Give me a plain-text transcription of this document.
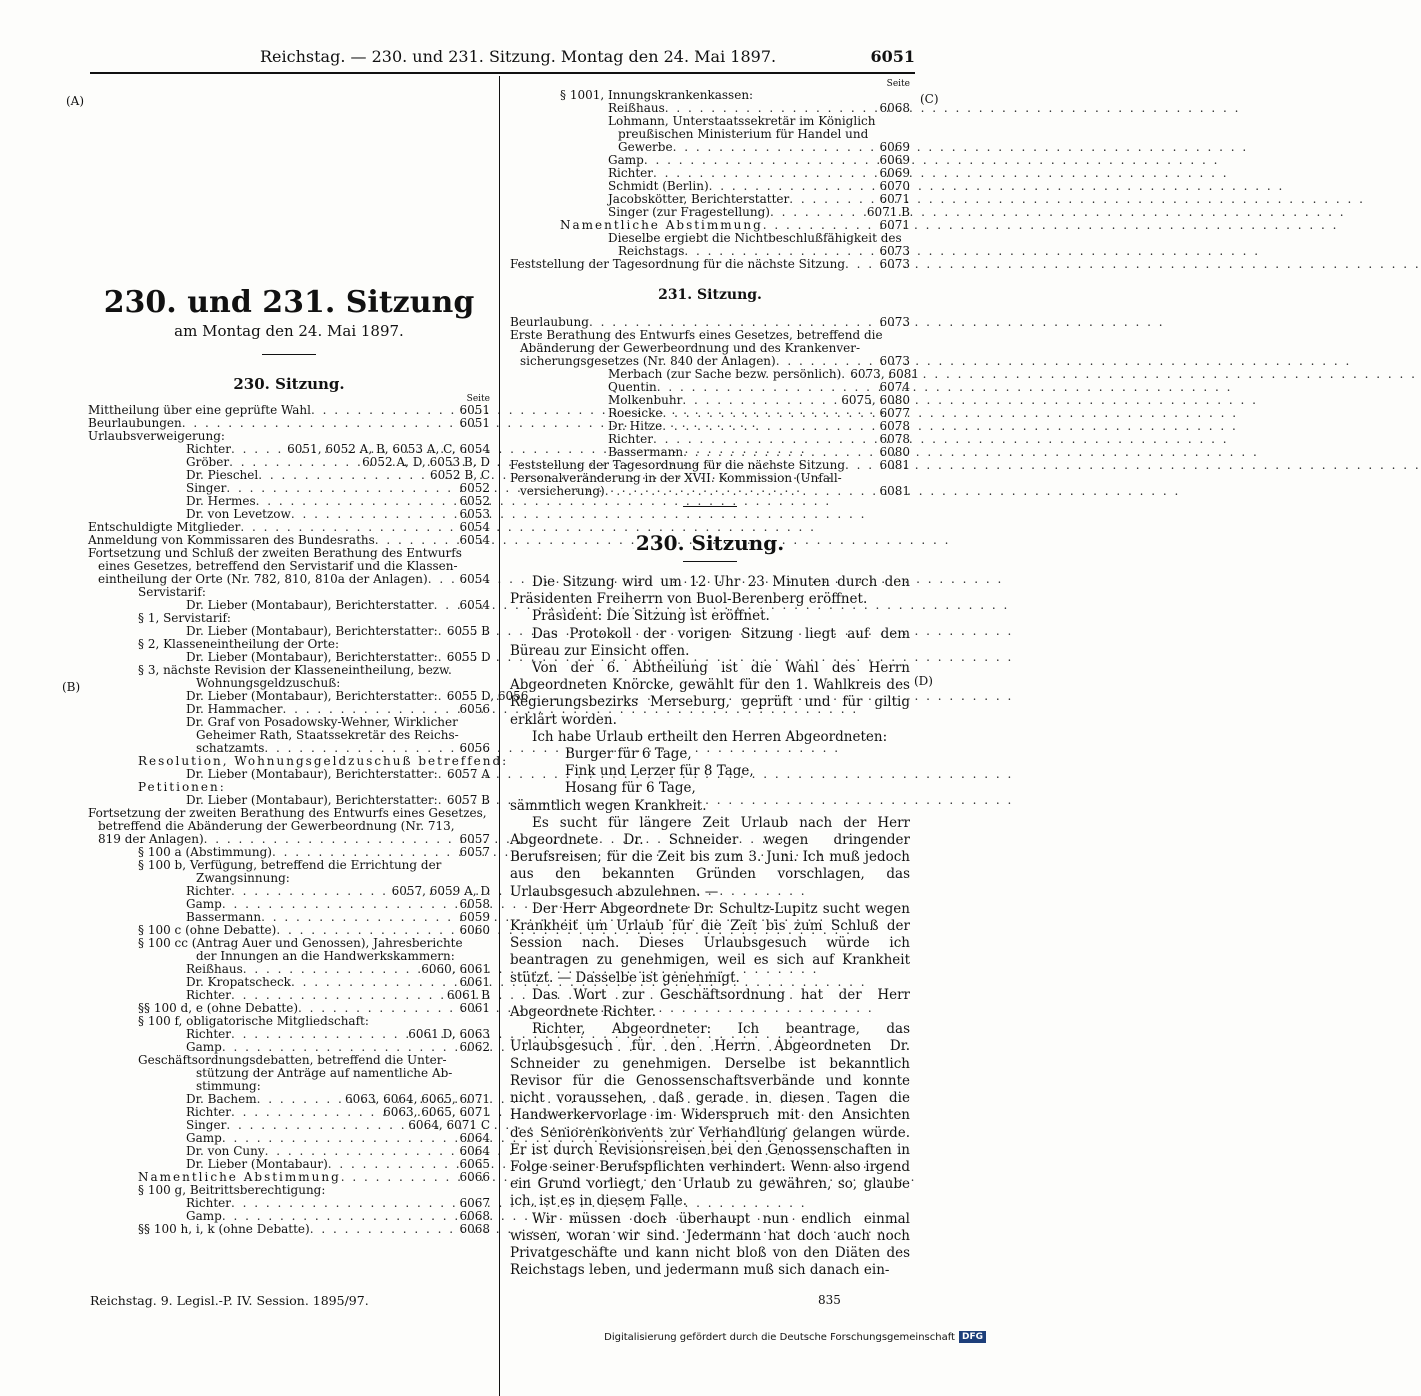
Reichstag. — 230. und 231. Sitzung. Montag den 24. Mai 1897.	6051
(A)
(B)
(C)
(D)
230. und 231. Sitzung
am Montag den 24. Mai 1897.
230. Sitzung.
Seite
Mittheilung über eine geprüfte Wahl . . .	6051
Beurlaubungen . . .	6051
Urlaubsverweigerung:
Richter . . .	6051, 6052 A, B, 6053 A, C, 6054
Gröber . . .	6052 A, D, 6053 B, D
Dr. Pieschel . . .	6052 B, C
Singer . . .	6052
Dr. Hermes . . .	6052
Dr. von Levetzow . . .	6053
Entschuldigte Mitglieder . . .	6054
Anmeldung von Kommissaren des Bundesraths . . .	6054
Fortsetzung und Schluß der zweiten Berathung des Entwurfs
eines Gesetzes, betreffend den Servistarif und die Klassen-
eintheilung der Orte (Nr. 782, 810, 810a der Anlagen) . . .	6054
Servistarif:
Dr. Lieber (Montabaur), Berichterstatter . . . 6054
§ 1, Servistarif:
Dr. Lieber (Montabaur), Berichterstatter: . . . 6055 B
§ 2, Klasseneintheilung der Orte:
Dr. Lieber (Montabaur), Berichterstatter: . . . 6055 D
§ 3, nächste Revision der Klasseneintheilung, bezw.
Wohnungsgeldzuschuß:
Dr. Lieber (Montabaur), Berichterstatter: . . . 6055 D, 6056
Dr. Hammacher . . .	6056
Dr. Graf von Posadowsky-Wehner, Wirklicher
Geheimer Rath, Staatssekretär des Reichs-
schatzamts . . .	6056
Resolution, Wohnungsgeldzuschuß betreffend:
Dr. Lieber (Montabaur), Berichterstatter: . . . 6057 A
Petitionen:
Dr. Lieber (Montabaur), Berichterstatter: . . . 6057 B
Fortsetzung der zweiten Berathung des Entwurfs eines Gesetzes,
betreffend die Abänderung der Gewerbeordnung (Nr. 713,
819 der Anlagen) . . .	6057
§ 100 a (Abstimmung) . . .	6057
§ 100 b, Verfügung, betreffend die Errichtung der
Zwangsinnung:
Richter . . .	6057, 6059 A, D
Gamp . . .	6058
Bassermann . . .	6059
§ 100 c (ohne Debatte) . . .	6060
§ 100 cc (Antrag Auer und Genossen), Jahresberichte
der Innungen an die Handwerkskammern:
Reißhaus . . .	6060, 6061
Dr. Kropatscheck . . .	6061
Richter . . .	6061 B
§§ 100 d, e (ohne Debatte) . . .	6061
§ 100 f, obligatorische Mitgliedschaft:
Richter . . .	6061 D, 6063
Gamp . . .	6062
Geschäftsordnungsdebatten, betreffend die Unter-
stützung der Anträge auf namentliche Ab-
stimmung:
Dr. Bachem . . .	6063, 6064, 6065, 6071
Richter . . .	6063, 6065, 6071
Singer . . .	6064, 6071 C
Gamp . . .	6064
Dr. von Cuny . . .	6064
Dr. Lieber (Montabaur) . . .	6065
Namentliche Abstimmung . . .	6066
§ 100 g, Beitrittsberechtigung:
Richter . . .	6067
Gamp . . .	6068
§§ 100 h, i, k (ohne Debatte) . . .	6068
Seite
§ 1001, Innungskrankenkassen:
Reißhaus . . .	6068
Lohmann, Unterstaatssekretär im Königlich
preußischen Ministerium für Handel und
Gewerbe . . .	6069
Gamp . . .	6069
Richter . . .	6069
Schmidt (Berlin) . . .	6070
Jacobskötter, Berichterstatter . . .	6071
Singer (zur Fragestellung) . . .	6071 B
Namentliche Abstimmung . . .	6071
Dieselbe ergiebt die Nichtbeschlußfähigkeit des
Reichstags . . .	6073
Feststellung der Tagesordnung für die nächste Sitzung . . .	6073
231. Sitzung.
Beurlaubung . . .	6073
Erste Berathung des Entwurfs eines Gesetzes, betreffend die
Abänderung der Gewerbeordnung und des Krankenver-
sicherungsgesetzes (Nr. 840 der Anlagen) . . .	6073
Merbach (zur Sache bezw. persönlich) . . . 6073, 6081
Quentin . . .	6074
Molkenbuhr . . .	6075, 6080
Roesicke . . .	6077
Dr. Hitze . . .	6078
Richter . . .	6078
Bassermann . . .	6080
Feststellung der Tagesordnung für die nächste Sitzung . . .	6081
Personalveränderung in der XVII. Kommission (Unfall-
versicherung) . . .	6081
230. Sitzung.

Die Sitzung wird um 12 Uhr 23 Minuten durch den Präsidenten Freiherrn von Buol-Berenberg eröffnet.

Präsident: Die Sitzung ist eröffnet.

Das Protokoll der vorigen Sitzung liegt auf dem Büreau zur Einsicht offen.

Von der 6. Abtheilung ist die Wahl des Herrn Abgeordneten Knörcke, gewählt für den 1. Wahlkreis des Regierungsbezirks Merseburg, geprüft und für giltig erklärt worden.

Ich habe Urlaub ertheilt den Herren Abgeordneten:

Burger für 6 Tage,

Fink und Lerzer für 8 Tage,

Hosang für 6 Tage,

sämmtlich wegen Krankheit.

Es sucht für längere Zeit Urlaub nach der Herr Abgeordnete Dr. Schneider wegen dringender Berufsreisen, für die Zeit bis zum 3. Juni. Ich muß jedoch aus den bekannten Gründen vorschlagen, das Urlaubsgesuch abzulehnen. —

Der Herr Abgeordnete Dr. Schultz-Lupitz sucht wegen Krankheit um Urlaub für die Zeit bis zum Schluß der Session nach. Dieses Urlaubsgesuch würde ich beantragen zu genehmigen, weil es sich auf Krankheit stützt. — Dasselbe ist genehmigt.

Das Wort zur Geschäftsordnung hat der Herr Abgeordnete Richter.

Richter, Abgeordneter: Ich beantrage, das Urlaubsgesuch für den Herrn Abgeordneten Dr. Schneider zu genehmigen. Derselbe ist bekanntlich Revisor für die Genossenschaftsverbände und konnte nicht voraussehen, daß gerade in diesen Tagen die Handwerkervorlage im Widerspruch mit den Ansichten des Seniorenkonvents zur Verhandlung gelangen würde. Er ist durch Revisionsreisen bei den Genossenschaften in Folge seiner Berufspflichten verhindert. Wenn also irgend ein Grund vorliegt, den Urlaub zu gewähren, so, glaube ich, ist es in diesem Falle.

Wir müssen doch überhaupt nun endlich einmal wissen, woran wir sind. Jedermann hat doch auch noch Privatgeschäfte und kann nicht bloß von den Diäten des Reichstags leben, und jedermann muß sich danach ein-

Reichstag. 9. Legisl.-P. IV. Session. 1895/97.	835
Digitalisierung gefördert durch die Deutsche Forschungsgemeinschaft DFG
